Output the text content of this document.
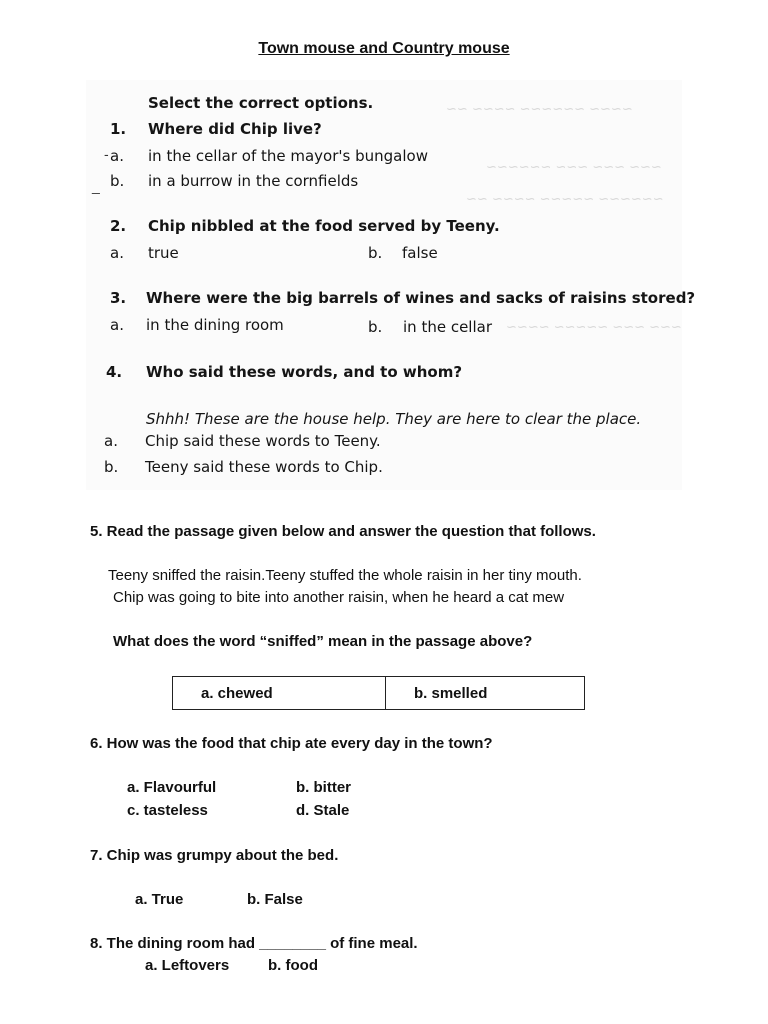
Town mouse and Country mouse
~~~~ ~~~~~~ ~~~~ ~~
~~~ ~~~ ~~~ ~~~~~~
~~~~~~ ~~~~~ ~~~~ ~~
~~~ ~~~ ~~~~~ ~~~~
Select the correct options.
1. Where did Chip live?
a. in the cellar of the mayor's bungalow
b. in a burrow in the cornfields
-
_
2. Chip nibbled at the food served by Teeny.
a. true	b. false
3. Where were the big barrels of wines and sacks of raisins stored?
a. in the dining room	b. in the cellar
4. Who said these words, and to whom?
Shhh! These are the house help. They are here to clear the place.
a. Chip said these words to Teeny.
b. Teeny said these words to Chip.
5. Read the passage given below and answer the question that follows.
Teeny sniffed the raisin.Teeny stuffed the whole raisin in her tiny mouth.
Chip was going to bite into another raisin, when he heard a cat mew
What does the word “sniffed” mean in the passage above?
a. chewed	b. smelled
6. How was the food that chip ate every day in the town?
a. Flavourful	b. bitter
c. tasteless	d. Stale
7. Chip was grumpy about the bed.
a. True	b. False
8. The dining room had ________ of fine meal.
a. Leftovers	b. food
